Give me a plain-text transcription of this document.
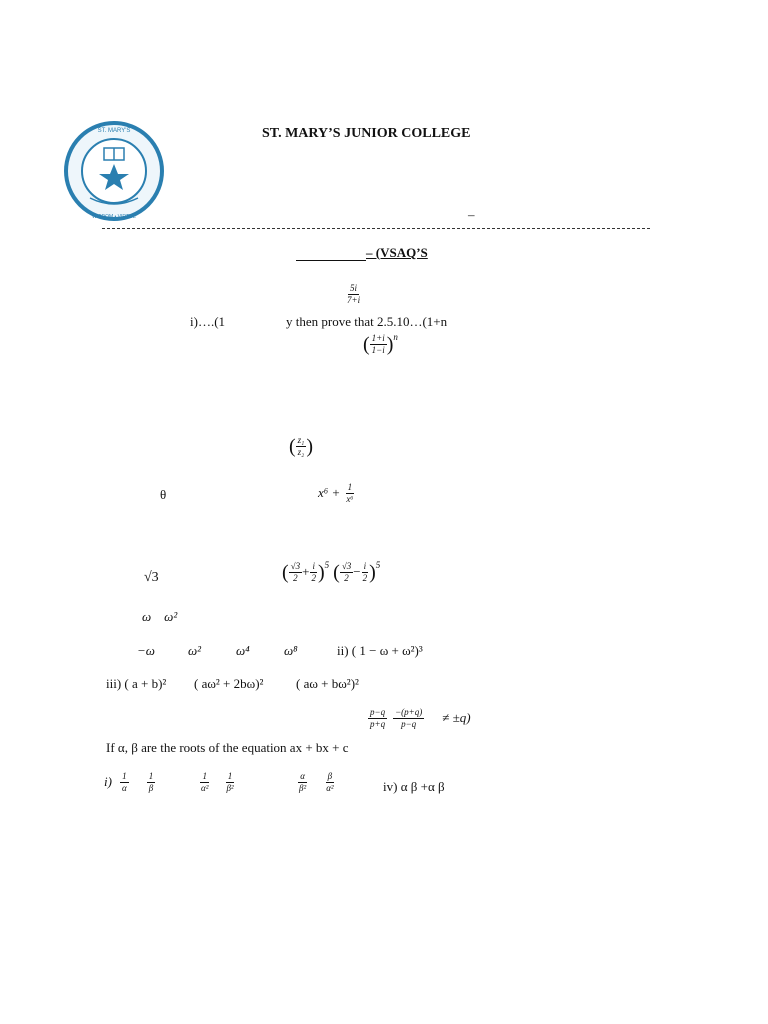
ST. MARY'S
WISDOM • VIRTUE
ST. MARY’S JUNIOR COLLEGE
–
– (VSAQ’S
$\frac{5i}{7+i}$
i)….(1	y then prove that 2.5.10…(1+n
( $\frac{1+i}{1-i} )^n$
( $\frac{\text{z₁}}{\text{z₂}}$ )
θ	$x^6 + \frac{1}{\text{x⁶}}$
√3	( $\frac{√3}{2} + \frac{i}{2} )^5$ ( $\frac{√3}{2} - \frac{i}{2} )^5$
ω    ω²
−ω	ω²	ω⁴	ω⁸	ii) ( 1 − ω + ω²)³
iii) ( a + b)² ( aω² + 2bω)²	( aω + bω²)²
$\frac{p-q}{p+q}$
$\frac{-(p+q)}{p-q} \ne \pm q$)
If α, β are the roots of the equation ax + bx + c
$i) \frac{1}{\alpha}$
$\frac{1}{\beta}$	$\frac{1}{\text{α²}}$
$\frac{1}{\text{β²}}$	$\frac{\alpha}{\text{β²}}$
$\frac{\beta}{\text{α²}}$	iv) α β +α β
